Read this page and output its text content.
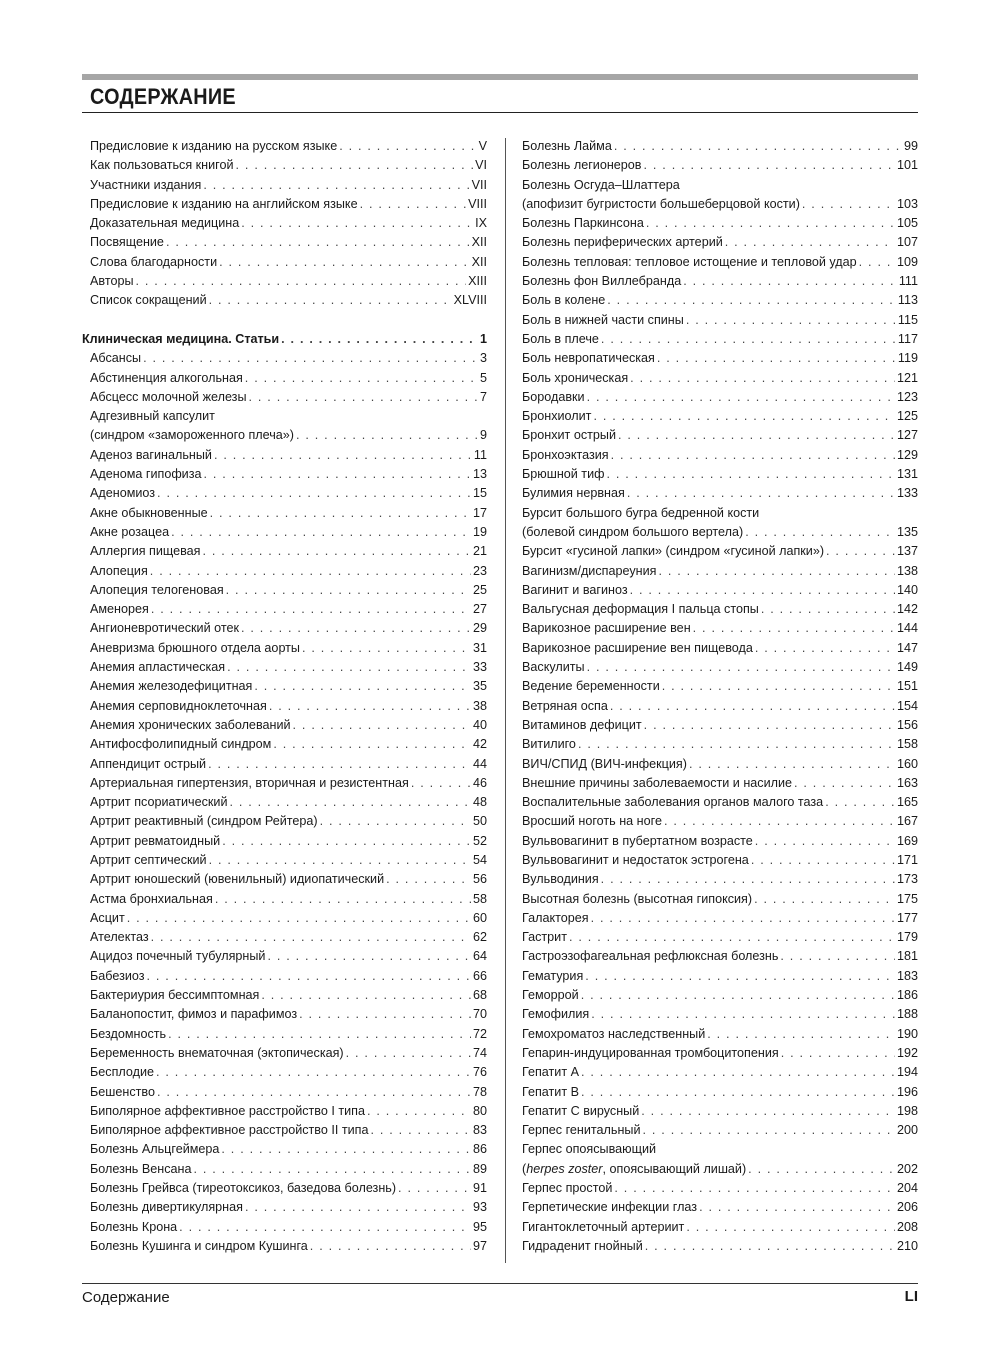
СОДЕРЖАНИЕ
Предисловие к изданию на русском языке . . .	V
Как пользоваться книгой . . .	VI
Участники издания . . .	VII
Предисловие к изданию на английском языке . . .	VIII
Доказательная медицина . . .	IX
Посвящение . . .	XII
Слова благодарности . . .	XII
Авторы . . .	XIII
Список сокращений . . .	XLVIII
Клиническая медицина. Статьи . . .	1
Абсансы . . .	3
Абстиненция алкогольная . . .	5
Абсцесс молочной железы . . .	7
Адгезивный капсулит
(синдром «замороженного плеча») . . .	9
Аденоз вагинальный . . .	11
Аденома гипофиза . . .	13
Аденомиоз . . .	15
Акне обыкновенные . . .	17
Акне розацеа . . .	19
Аллергия пищевая . . .	21
Алопеция . . .	23
Алопеция телогеновая . . .	25
Аменорея . . .	27
Ангионевротический отек . . .	29
Аневризма брюшного отдела аорты . . .	31
Анемия апластическая . . .	33
Анемия железодефицитная . . .	35
Анемия серповидноклеточная . . .	38
Анемия хронических заболеваний . . .	40
Антифосфолипидный синдром . . .	42
Аппендицит острый . . .	44
Артериальная гипертензия, вторичная и резистентная . . .	46
Артрит псориатический . . .	48
Артрит реактивный (синдром Рейтера) . . .	50
Артрит ревматоидный . . .	52
Артрит септический . . .	54
Артрит юношеский (ювенильный) идиопатический . . .	56
Астма бронхиальная . . .	58
Асцит . . .	60
Ателектаз . . .	62
Ацидоз почечный тубулярный . . .	64
Бабезиоз . . .	66
Бактериурия бессимптомная . . .	68
Баланопостит, фимоз и парафимоз . . .	70
Бездомность . . .	72
Беременность внематочная (эктопическая) . . .	74
Бесплодие . . .	76
Бешенство . . .	78
Биполярное аффективное расстройство I типа . . .	80
Биполярное аффективное расстройство II типа . . .	83
Болезнь Альцгеймера . . .	86
Болезнь Венсана . . .	89
Болезнь Грейвса (тиреотоксикоз, базедова болезнь) . . .	91
Болезнь дивертикулярная . . .	93
Болезнь Крона . . .	95
Болезнь Кушинга и синдром Кушинга . . .	97
Болезнь Лайма . . .	99
Болезнь легионеров . . .	101
Болезнь Осгуда–Шлаттера
(апофизит бугристости большеберцовой кости) . . .	103
Болезнь Паркинсона . . .	105
Болезнь периферических артерий . . .	107
Болезнь тепловая: тепловое истощение и тепловой удар . . .	109
Болезнь фон Виллебранда . . .	111
Боль в колене . . .	113
Боль в нижней части спины . . .	115
Боль в плече . . .	117
Боль невропатическая . . .	119
Боль хроническая . . .	121
Бородавки . . .	123
Бронхиолит . . .	125
Бронхит острый . . .	127
Бронхоэктазия . . .	129
Брюшной тиф . . .	131
Булимия нервная . . .	133
Бурсит большого бугра бедренной кости
(болевой синдром большого вертела) . . .	135
Бурсит «гусиной лапки» (синдром «гусиной лапки») . . .	137
Вагинизм/диспареуния . . .	138
Вагинит и вагиноз . . .	140
Вальгусная деформация I пальца стопы . . .	142
Варикозное расширение вен . . .	144
Варикозное расширение вен пищевода . . .	147
Васкулиты . . .	149
Ведение беременности . . .	151
Ветряная оспа . . .	154
Витаминов дефицит . . .	156
Витилиго . . .	158
ВИЧ/СПИД (ВИЧ-инфекция) . . .	160
Внешние причины заболеваемости и насилие . . .	163
Воспалительные заболевания органов малого таза . . .	165
Вросший ноготь на ноге . . .	167
Вульвовагинит в пубертатном возрасте . . .	169
Вульвовагинит и недостаток эстрогена . . .	171
Вульводиния . . .	173
Высотная болезнь (высотная гипоксия) . . .	175
Галакторея . . .	177
Гастрит . . .	179
Гастроэзофагеальная рефлюксная болезнь . . .	181
Гематурия . . .	183
Геморрой . . .	186
Гемофилия . . .	188
Гемохроматоз наследственный . . .	190
Гепарин-индуцированная тромбоцитопения . . .	192
Гепатит А . . .	194
Гепатит В . . .	196
Гепатит С вирусный . . .	198
Герпес генитальный . . .	200
Герпес опоясывающий
(herpes zoster, опоясывающий лишай) . . .	202
Герпес простой . . .	204
Герпетические инфекции глаз . . .	206
Гигантоклеточный артериит . . .	208
Гидраденит гнойный . . .	210

Содержание	LI
